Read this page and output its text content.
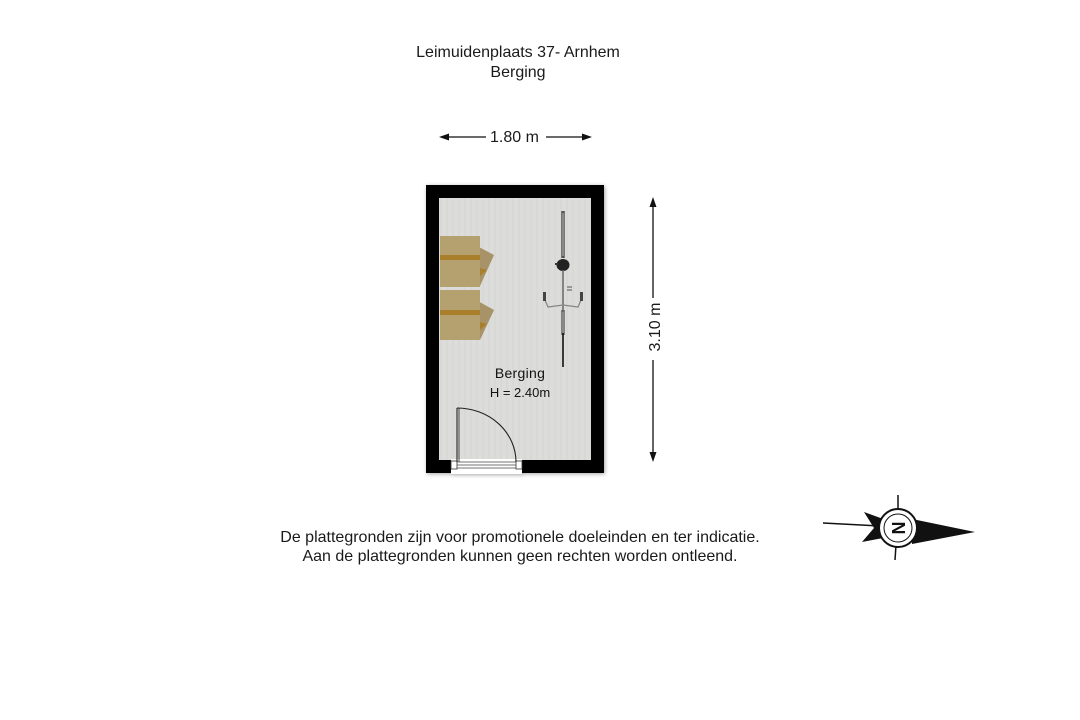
Leimuidenplaats 37- Arnhem
Berging
N
1.80 m
3.10 m
Berging
H = 2.40m
De plattegronden zijn voor promotionele doeleinden en ter indicatie.
Aan de plattegronden kunnen geen rechten worden ontleend.
